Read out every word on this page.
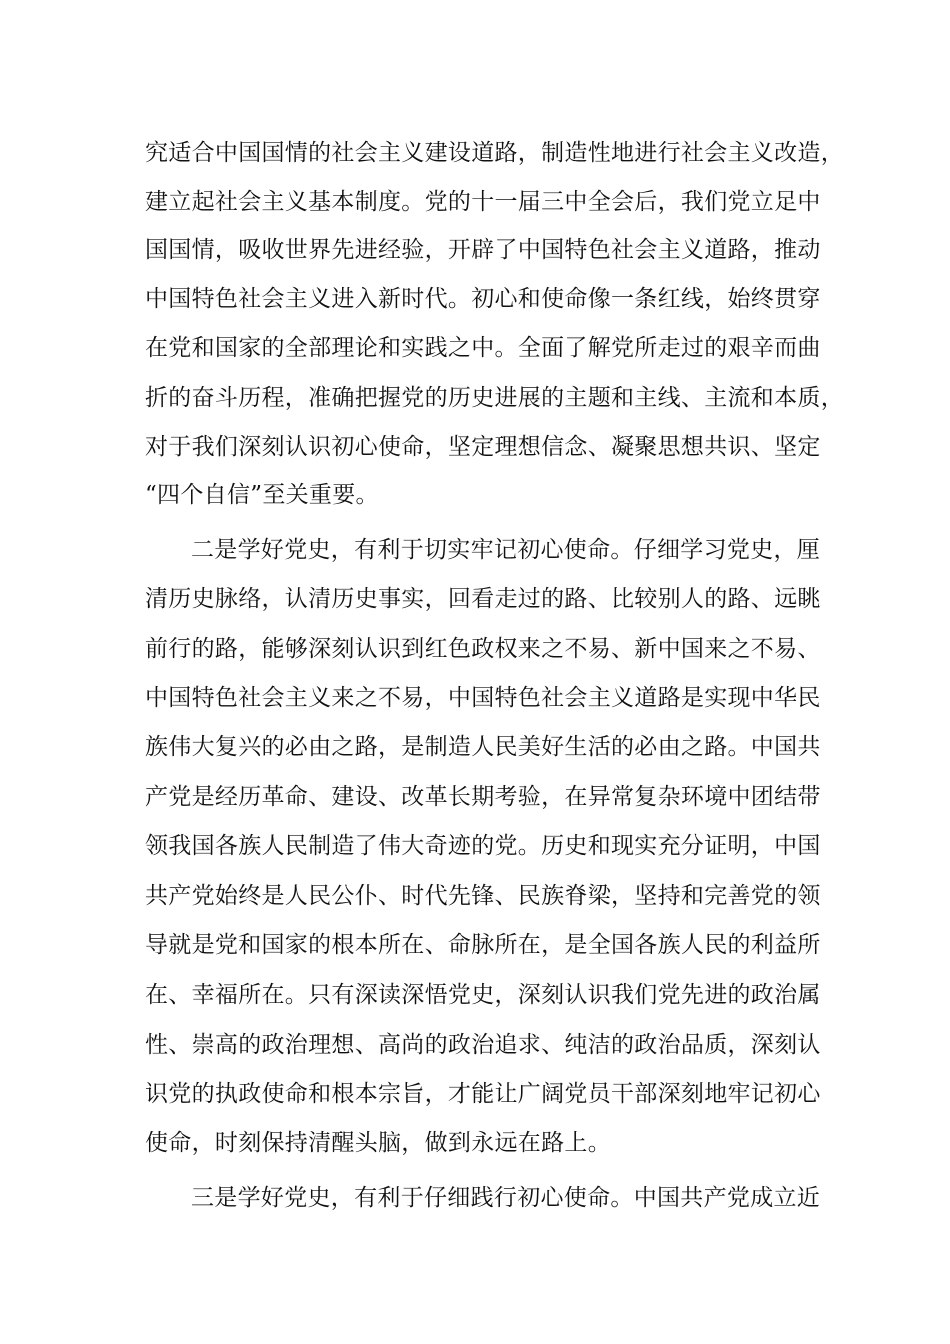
究适合中国国情的社会主义建设道路，制造性地进行社会主义改造，
建立起社会主义基本制度。党的十一届三中全会后，我们党立足中
国国情，吸收世界先进经验，开辟了中国特色社会主义道路，推动
中国特色社会主义进入新时代。初心和使命像一条红线，始终贯穿
在党和国家的全部理论和实践之中。全面了解党所走过的艰辛而曲
折的奋斗历程，准确把握党的历史进展的主题和主线、主流和本质，
对于我们深刻认识初心使命，坚定理想信念、凝聚思想共识、坚定
“四个自信”至关重要。
二是学好党史，有利于切实牢记初心使命。仔细学习党史，厘
清历史脉络，认清历史事实，回看走过的路、比较别人的路、远眺
前行的路，能够深刻认识到红色政权来之不易、新中国来之不易、
中国特色社会主义来之不易，中国特色社会主义道路是实现中华民
族伟大复兴的必由之路，是制造人民美好生活的必由之路。中国共
产党是经历革命、建设、改革长期考验，在异常复杂环境中团结带
领我国各族人民制造了伟大奇迹的党。历史和现实充分证明，中国
共产党始终是人民公仆、时代先锋、民族脊梁，坚持和完善党的领
导就是党和国家的根本所在、命脉所在，是全国各族人民的利益所
在、幸福所在。只有深读深悟党史，深刻认识我们党先进的政治属
性、崇高的政治理想、高尚的政治追求、纯洁的政治品质，深刻认
识党的执政使命和根本宗旨，才能让广阔党员干部深刻地牢记初心
使命，时刻保持清醒头脑，做到永远在路上。
三是学好党史，有利于仔细践行初心使命。中国共产党成立近
